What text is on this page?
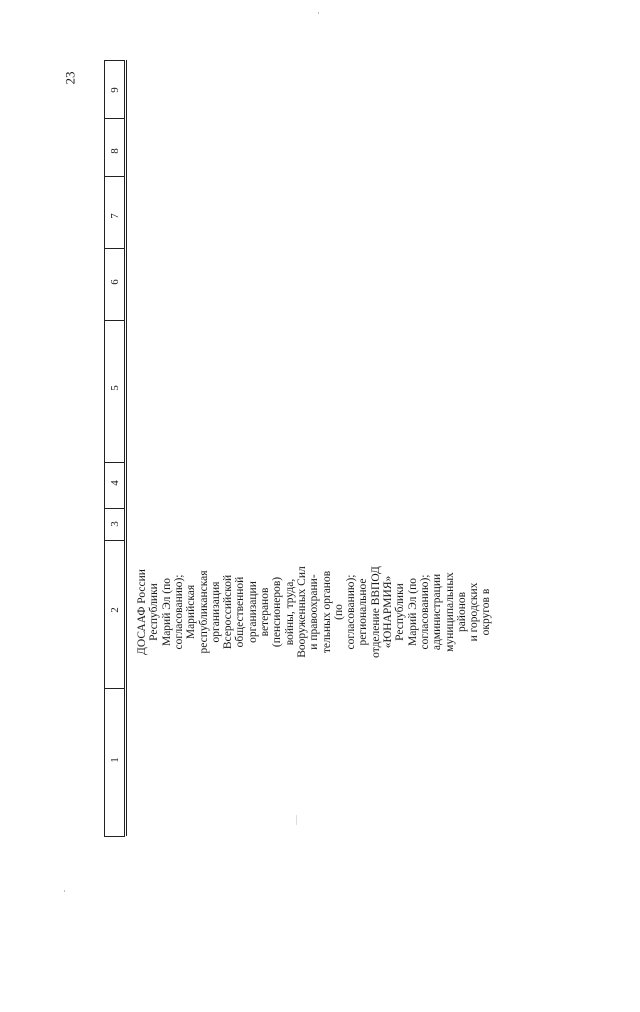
23
9
8
7
6
5
4
3
2
1
ДОСААФ России Республики Марий Эл (по согласованию); Марийская республиканская организация Всероссийской общественной организации ветеранов (пенсионеров) войны, труда, Вооруженных Сил и правоохрани- тельных органов (по согласованию); региональное отделение ВВПОД «ЮНАРМИЯ» Республики Марий Эл (по согласованию); администрации муниципальных районов и городских округов в
